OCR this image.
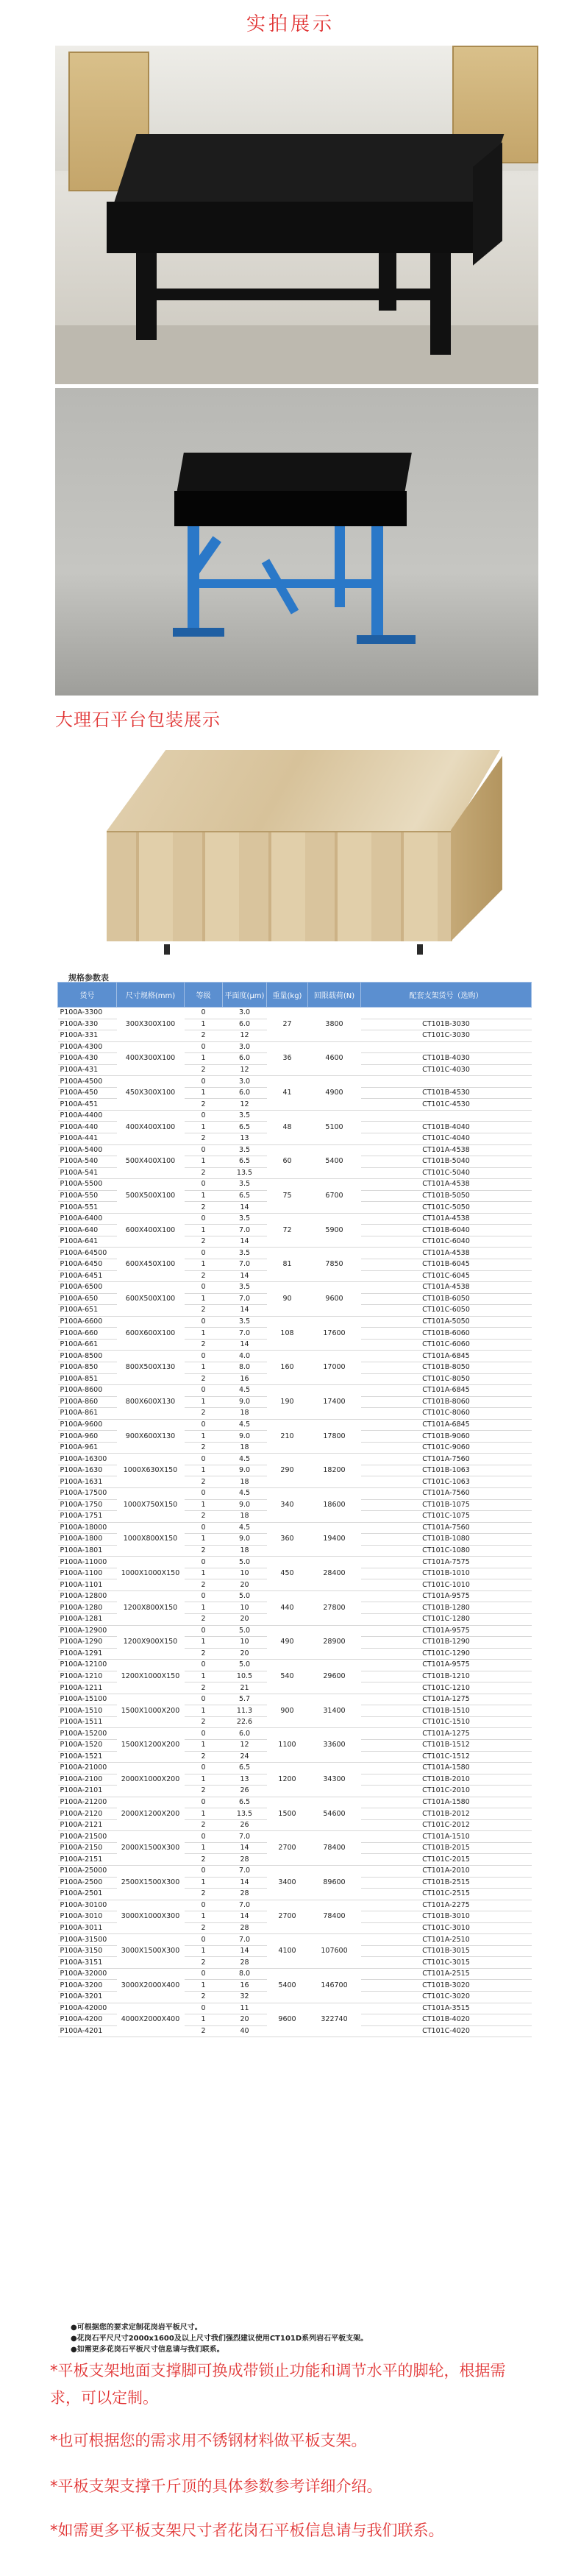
实拍展示
大理石平台包装展示
规格参数表
货号	尺寸规格(mm)	等级	平面度(μm)	重量(kg)	回限载荷(N)	配套支架货号（选购）
P100A-3300	300X300X100	0	3.0	27	3800	
P100A-330		1	6.0			CT101B-3030
P100A-331		2	12			CT101C-3030
P100A-4300	400X300X100	0	3.0	36	4600	
P100A-430		1	6.0			CT101B-4030
P100A-431		2	12			CT101C-4030
P100A-4500	450X300X100	0	3.0	41	4900	
P100A-450		1	6.0			CT101B-4530
P100A-451		2	12			CT101C-4530
P100A-4400	400X400X100	0	3.5	48	5100	
P100A-440		1	6.5			CT101B-4040
P100A-441		2	13			CT101C-4040
P100A-5400	500X400X100	0	3.5	60	5400	CT101A-4538
P100A-540		1	6.5			CT101B-5040
P100A-541		2	13.5			CT101C-5040
P100A-5500	500X500X100	0	3.5	75	6700	CT101A-4538
P100A-550		1	6.5			CT101B-5050
P100A-551		2	14			CT101C-5050
P100A-6400	600X400X100	0	3.5	72	5900	CT101A-4538
P100A-640		1	7.0			CT101B-6040
P100A-641		2	14			CT101C-6040
P100A-64500	600X450X100	0	3.5	81	7850	CT101A-4538
P100A-6450		1	7.0			CT101B-6045
P100A-6451		2	14			CT101C-6045
P100A-6500	600X500X100	0	3.5	90	9600	CT101A-4538
P100A-650		1	7.0			CT101B-6050
P100A-651		2	14			CT101C-6050
P100A-6600	600X600X100	0	3.5	108	17600	CT101A-5050
P100A-660		1	7.0			CT101B-6060
P100A-661		2	14			CT101C-6060
P100A-8500	800X500X130	0	4.0	160	17000	CT101A-6845
P100A-850		1	8.0			CT101B-8050
P100A-851		2	16			CT101C-8050
P100A-8600	800X600X130	0	4.5	190	17400	CT101A-6845
P100A-860		1	9.0			CT101B-8060
P100A-861		2	18			CT101C-8060
P100A-9600	900X600X130	0	4.5	210	17800	CT101A-6845
P100A-960		1	9.0			CT101B-9060
P100A-961		2	18			CT101C-9060
P100A-16300	1000X630X150	0	4.5	290	18200	CT101A-7560
P100A-1630		1	9.0			CT101B-1063
P100A-1631		2	18			CT101C-1063
P100A-17500	1000X750X150	0	4.5	340	18600	CT101A-7560
P100A-1750		1	9.0			CT101B-1075
P100A-1751		2	18			CT101C-1075
P100A-18000	1000X800X150	0	4.5	360	19400	CT101A-7560
P100A-1800		1	9.0			CT101B-1080
P100A-1801		2	18			CT101C-1080
P100A-11000	1000X1000X150	0	5.0	450	28400	CT101A-7575
P100A-1100		1	10			CT101B-1010
P100A-1101		2	20			CT101C-1010
P100A-12800	1200X800X150	0	5.0	440	27800	CT101A-9575
P100A-1280		1	10			CT101B-1280
P100A-1281		2	20			CT101C-1280
P100A-12900	1200X900X150	0	5.0	490	28900	CT101A-9575
P100A-1290		1	10			CT101B-1290
P100A-1291		2	20			CT101C-1290
P100A-12100	1200X1000X150	0	5.0	540	29600	CT101A-9575
P100A-1210		1	10.5			CT101B-1210
P100A-1211		2	21			CT101C-1210
P100A-15100	1500X1000X200	0	5.7	900	31400	CT101A-1275
P100A-1510		1	11.3			CT101B-1510
P100A-1511		2	22.6			CT101C-1510
P100A-15200	1500X1200X200	0	6.0	1100	33600	CT101A-1275
P100A-1520		1	12			CT101B-1512
P100A-1521		2	24			CT101C-1512
P100A-21000	2000X1000X200	0	6.5	1200	34300	CT101A-1580
P100A-2100		1	13			CT101B-2010
P100A-2101		2	26			CT101C-2010
P100A-21200	2000X1200X200	0	6.5	1500	54600	CT101A-1580
P100A-2120		1	13.5			CT101B-2012
P100A-2121		2	26			CT101C-2012
P100A-21500	2000X1500X300	0	7.0	2700	78400	CT101A-1510
P100A-2150		1	14			CT101B-2015
P100A-2151		2	28			CT101C-2015
P100A-25000	2500X1500X300	0	7.0	3400	89600	CT101A-2010
P100A-2500		1	14			CT101B-2515
P100A-2501		2	28			CT101C-2515
P100A-30100	3000X1000X300	0	7.0	2700	78400	CT101A-2275
P100A-3010		1	14			CT101B-3010
P100A-3011		2	28			CT101C-3010
P100A-31500	3000X1500X300	0	7.0	4100	107600	CT101A-2510
P100A-3150		1	14			CT101B-3015
P100A-3151		2	28			CT101C-3015
P100A-32000	3000X2000X400	0	8.0	5400	146700	CT101A-2515
P100A-3200		1	16			CT101B-3020
P100A-3201		2	32			CT101C-3020
P100A-42000	4000X2000X400	0	11	9600	322740	CT101A-3515
P100A-4200		1	20			CT101B-4020
P100A-4201		2	40			CT101C-4020
●可根据您的要求定制花岗岩平板尺寸。
●花岗石平尺尺寸2000x1600及以上尺寸我们强烈建议使用CT101D系列岩石平板支架。
●如需更多花岗石平板尺寸信息请与我们联系。
*平板支架地面支撑脚可换成带锁止功能和调节水平的脚轮，根据需求，可以定制。
*也可根据您的需求用不锈钢材料做平板支架。
*平板支架支撑千斤顶的具体参数参考详细介绍。
*如需更多平板支架尺寸者花岗石平板信息请与我们联系。
